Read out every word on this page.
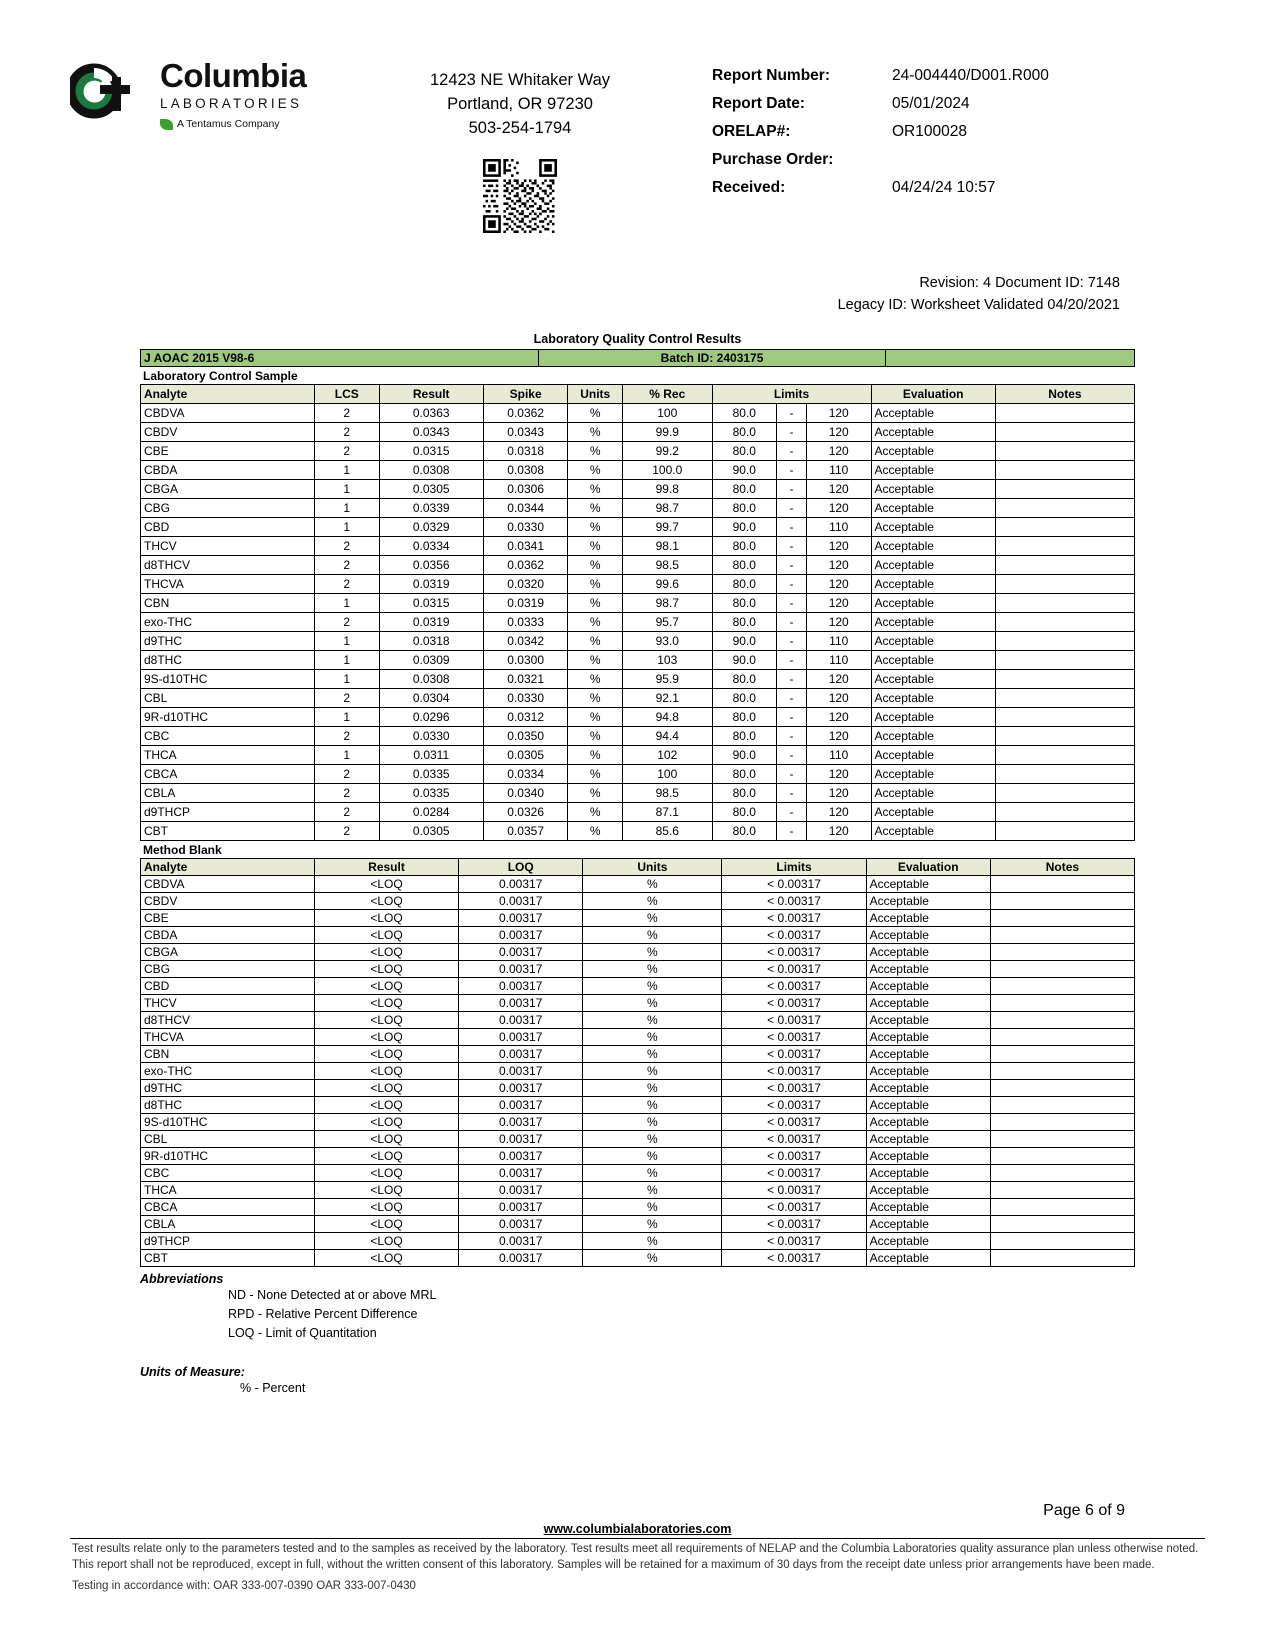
Columbia
LABORATORIES
A Tentamus Company
12423 NE Whitaker Way
Portland, OR 97230
503-254-1794
Report Number:	24-004440/D001.R000
Report Date:	05/01/2024
ORELAP#:	OR100028
Purchase Order:
Received:	04/24/24 10:57
Revision: 4 Document ID: 7148
Legacy ID: Worksheet Validated 04/20/2021
Laboratory Quality Control Results
J AOAC 2015 V98-6	Batch ID: 2403175	
Laboratory Control Sample
Analyte	LCS	Result	Spike	Units	% Rec	Limits			Evaluation	Notes
CBDVA	2	0.0363	0.0362	%	100	80.0	-	120	Acceptable	
CBDV	2	0.0343	0.0343	%	99.9	80.0	-	120	Acceptable	
CBE	2	0.0315	0.0318	%	99.2	80.0	-	120	Acceptable	
CBDA	1	0.0308	0.0308	%	100.0	90.0	-	110	Acceptable	
CBGA	1	0.0305	0.0306	%	99.8	80.0	-	120	Acceptable	
CBG	1	0.0339	0.0344	%	98.7	80.0	-	120	Acceptable	
CBD	1	0.0329	0.0330	%	99.7	90.0	-	110	Acceptable	
THCV	2	0.0334	0.0341	%	98.1	80.0	-	120	Acceptable	
d8THCV	2	0.0356	0.0362	%	98.5	80.0	-	120	Acceptable	
THCVA	2	0.0319	0.0320	%	99.6	80.0	-	120	Acceptable	
CBN	1	0.0315	0.0319	%	98.7	80.0	-	120	Acceptable	
exo-THC	2	0.0319	0.0333	%	95.7	80.0	-	120	Acceptable	
d9THC	1	0.0318	0.0342	%	93.0	90.0	-	110	Acceptable	
d8THC	1	0.0309	0.0300	%	103	90.0	-	110	Acceptable	
9S-d10THC	1	0.0308	0.0321	%	95.9	80.0	-	120	Acceptable	
CBL	2	0.0304	0.0330	%	92.1	80.0	-	120	Acceptable	
9R-d10THC	1	0.0296	0.0312	%	94.8	80.0	-	120	Acceptable	
CBC	2	0.0330	0.0350	%	94.4	80.0	-	120	Acceptable	
THCA	1	0.0311	0.0305	%	102	90.0	-	110	Acceptable	
CBCA	2	0.0335	0.0334	%	100	80.0	-	120	Acceptable	
CBLA	2	0.0335	0.0340	%	98.5	80.0	-	120	Acceptable	
d9THCP	2	0.0284	0.0326	%	87.1	80.0	-	120	Acceptable	
CBT	2	0.0305	0.0357	%	85.6	80.0	-	120	Acceptable	
Method Blank
Analyte	Result	LOQ	Units	Limits	Evaluation	Notes
CBDVA	<LOQ	0.00317	%	< 0.00317	Acceptable	
CBDV	<LOQ	0.00317	%	< 0.00317	Acceptable	
CBE	<LOQ	0.00317	%	< 0.00317	Acceptable	
CBDA	<LOQ	0.00317	%	< 0.00317	Acceptable	
CBGA	<LOQ	0.00317	%	< 0.00317	Acceptable	
CBG	<LOQ	0.00317	%	< 0.00317	Acceptable	
CBD	<LOQ	0.00317	%	< 0.00317	Acceptable	
THCV	<LOQ	0.00317	%	< 0.00317	Acceptable	
d8THCV	<LOQ	0.00317	%	< 0.00317	Acceptable	
THCVA	<LOQ	0.00317	%	< 0.00317	Acceptable	
CBN	<LOQ	0.00317	%	< 0.00317	Acceptable	
exo-THC	<LOQ	0.00317	%	< 0.00317	Acceptable	
d9THC	<LOQ	0.00317	%	< 0.00317	Acceptable	
d8THC	<LOQ	0.00317	%	< 0.00317	Acceptable	
9S-d10THC	<LOQ	0.00317	%	< 0.00317	Acceptable	
CBL	<LOQ	0.00317	%	< 0.00317	Acceptable	
9R-d10THC	<LOQ	0.00317	%	< 0.00317	Acceptable	
CBC	<LOQ	0.00317	%	< 0.00317	Acceptable	
THCA	<LOQ	0.00317	%	< 0.00317	Acceptable	
CBCA	<LOQ	0.00317	%	< 0.00317	Acceptable	
CBLA	<LOQ	0.00317	%	< 0.00317	Acceptable	
d9THCP	<LOQ	0.00317	%	< 0.00317	Acceptable	
CBT	<LOQ	0.00317	%	< 0.00317	Acceptable	
Abbreviations
ND - None Detected at or above MRL
RPD - Relative Percent Difference
LOQ - Limit of Quantitation
Units of Measure:
% - Percent
Page 6 of 9
www.columbialaboratories.com

Test results relate only to the parameters tested and to the samples as received by the laboratory. Test results meet all requirements of NELAP and the Columbia Laboratories quality assurance plan unless otherwise noted. This report shall not be reproduced, except in full, without the written consent of this laboratory. Samples will be retained for a maximum of 30 days from the receipt date unless prior arrangements have been made.

Testing in accordance with: OAR 333-007-0390 OAR 333-007-0430
